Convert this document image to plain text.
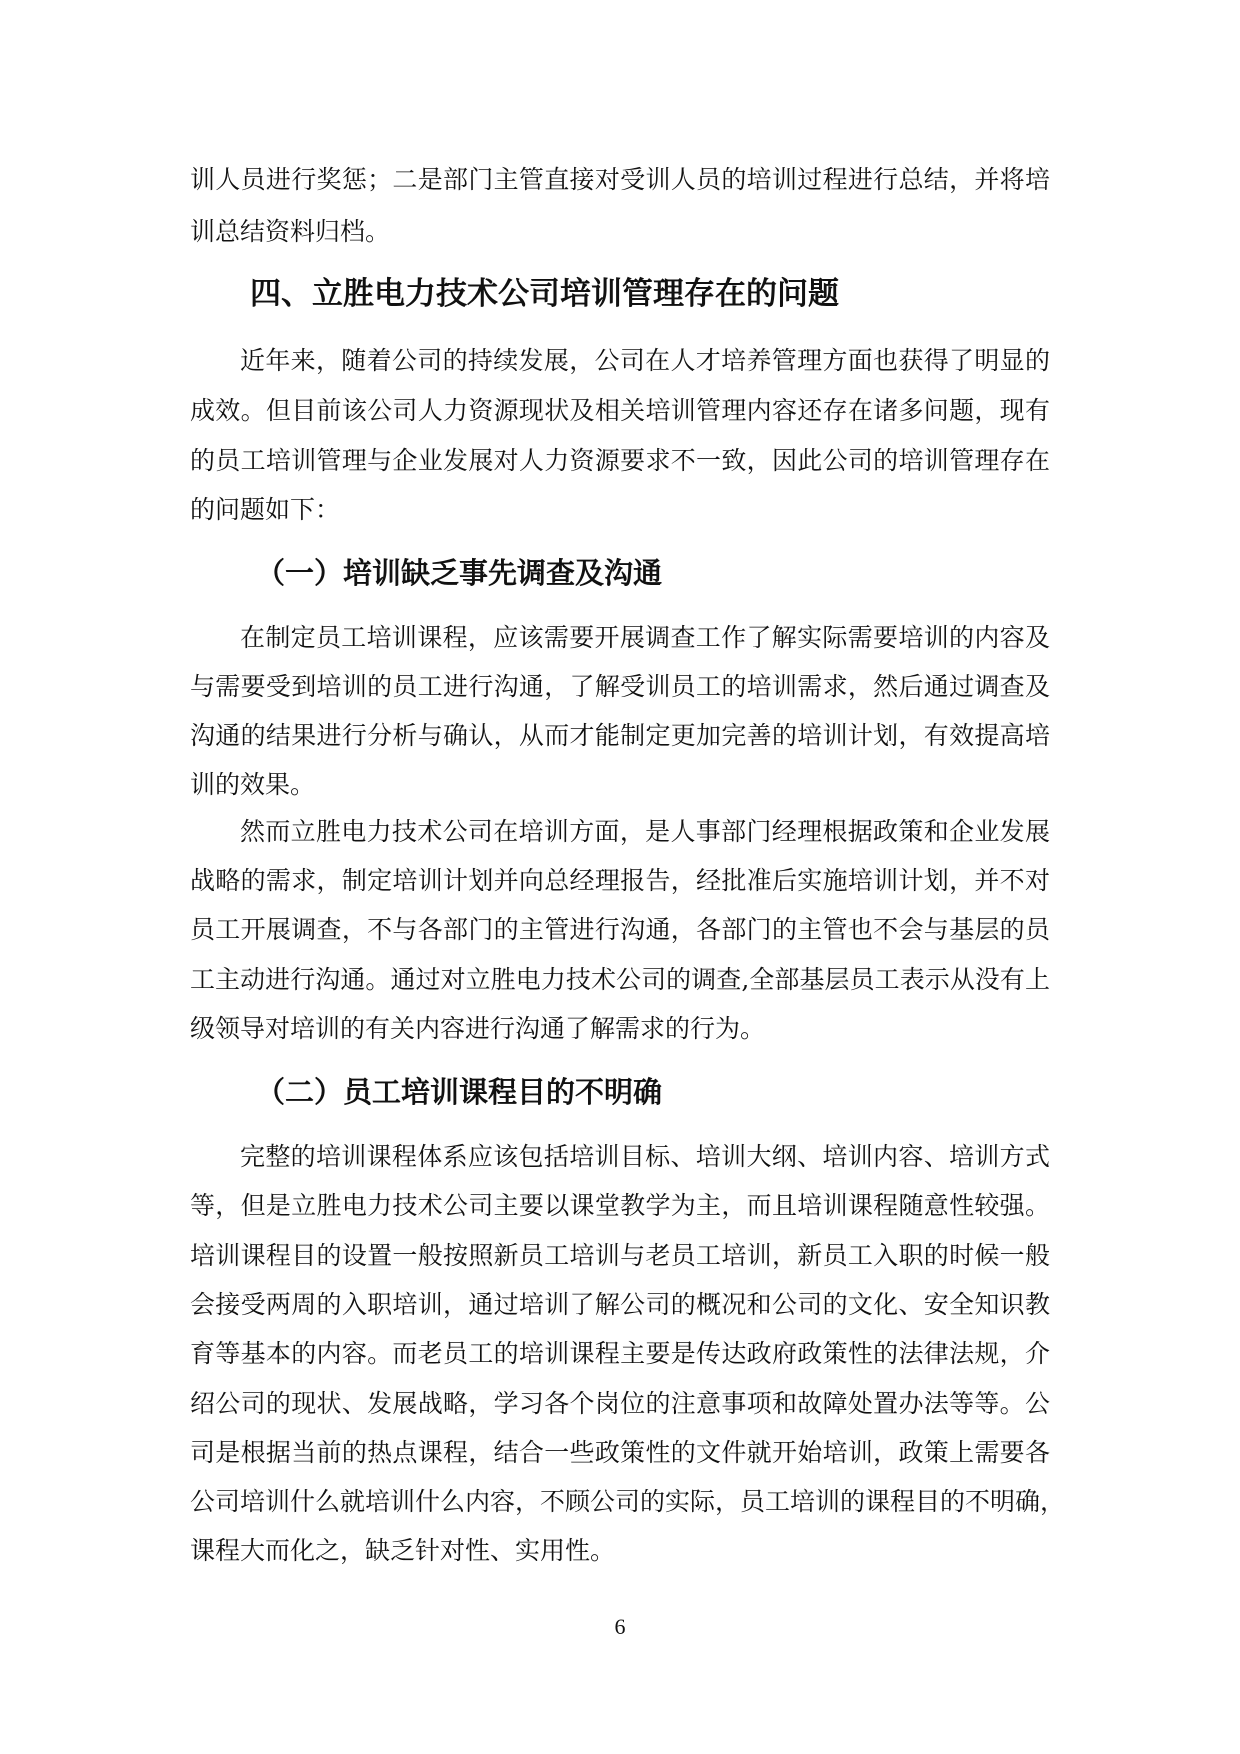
训人员进行奖惩；二是部门主管直接对受训人员的培训过程进行总结，并将培
训总结资料归档。
四、立胜电力技术公司培训管理存在的问题
近年来，随着公司的持续发展，公司在人才培养管理方面也获得了明显的
成效。但目前该公司人力资源现状及相关培训管理内容还存在诸多问题，现有
的员工培训管理与企业发展对人力资源要求不一致，因此公司的培训管理存在
的问题如下：
（一）培训缺乏事先调查及沟通
在制定员工培训课程，应该需要开展调查工作了解实际需要培训的内容及
与需要受到培训的员工进行沟通，了解受训员工的培训需求，然后通过调查及
沟通的结果进行分析与确认，从而才能制定更加完善的培训计划，有效提高培
训的效果。
然而立胜电力技术公司在培训方面，是人事部门经理根据政策和企业发展
战略的需求，制定培训计划并向总经理报告，经批准后实施培训计划，并不对
员工开展调查，不与各部门的主管进行沟通，各部门的主管也不会与基层的员
工主动进行沟通。通过对立胜电力技术公司的调查,全部基层员工表示从没有上
级领导对培训的有关内容进行沟通了解需求的行为。
（二）员工培训课程目的不明确
完整的培训课程体系应该包括培训目标、培训大纲、培训内容、培训方式
等，但是立胜电力技术公司主要以课堂教学为主，而且培训课程随意性较强。
培训课程目的设置一般按照新员工培训与老员工培训，新员工入职的时候一般
会接受两周的入职培训，通过培训了解公司的概况和公司的文化、安全知识教
育等基本的内容。而老员工的培训课程主要是传达政府政策性的法律法规，介
绍公司的现状、发展战略，学习各个岗位的注意事项和故障处置办法等等。公
司是根据当前的热点课程，结合一些政策性的文件就开始培训，政策上需要各
公司培训什么就培训什么内容，不顾公司的实际，员工培训的课程目的不明确，
课程大而化之，缺乏针对性、实用性。
6
